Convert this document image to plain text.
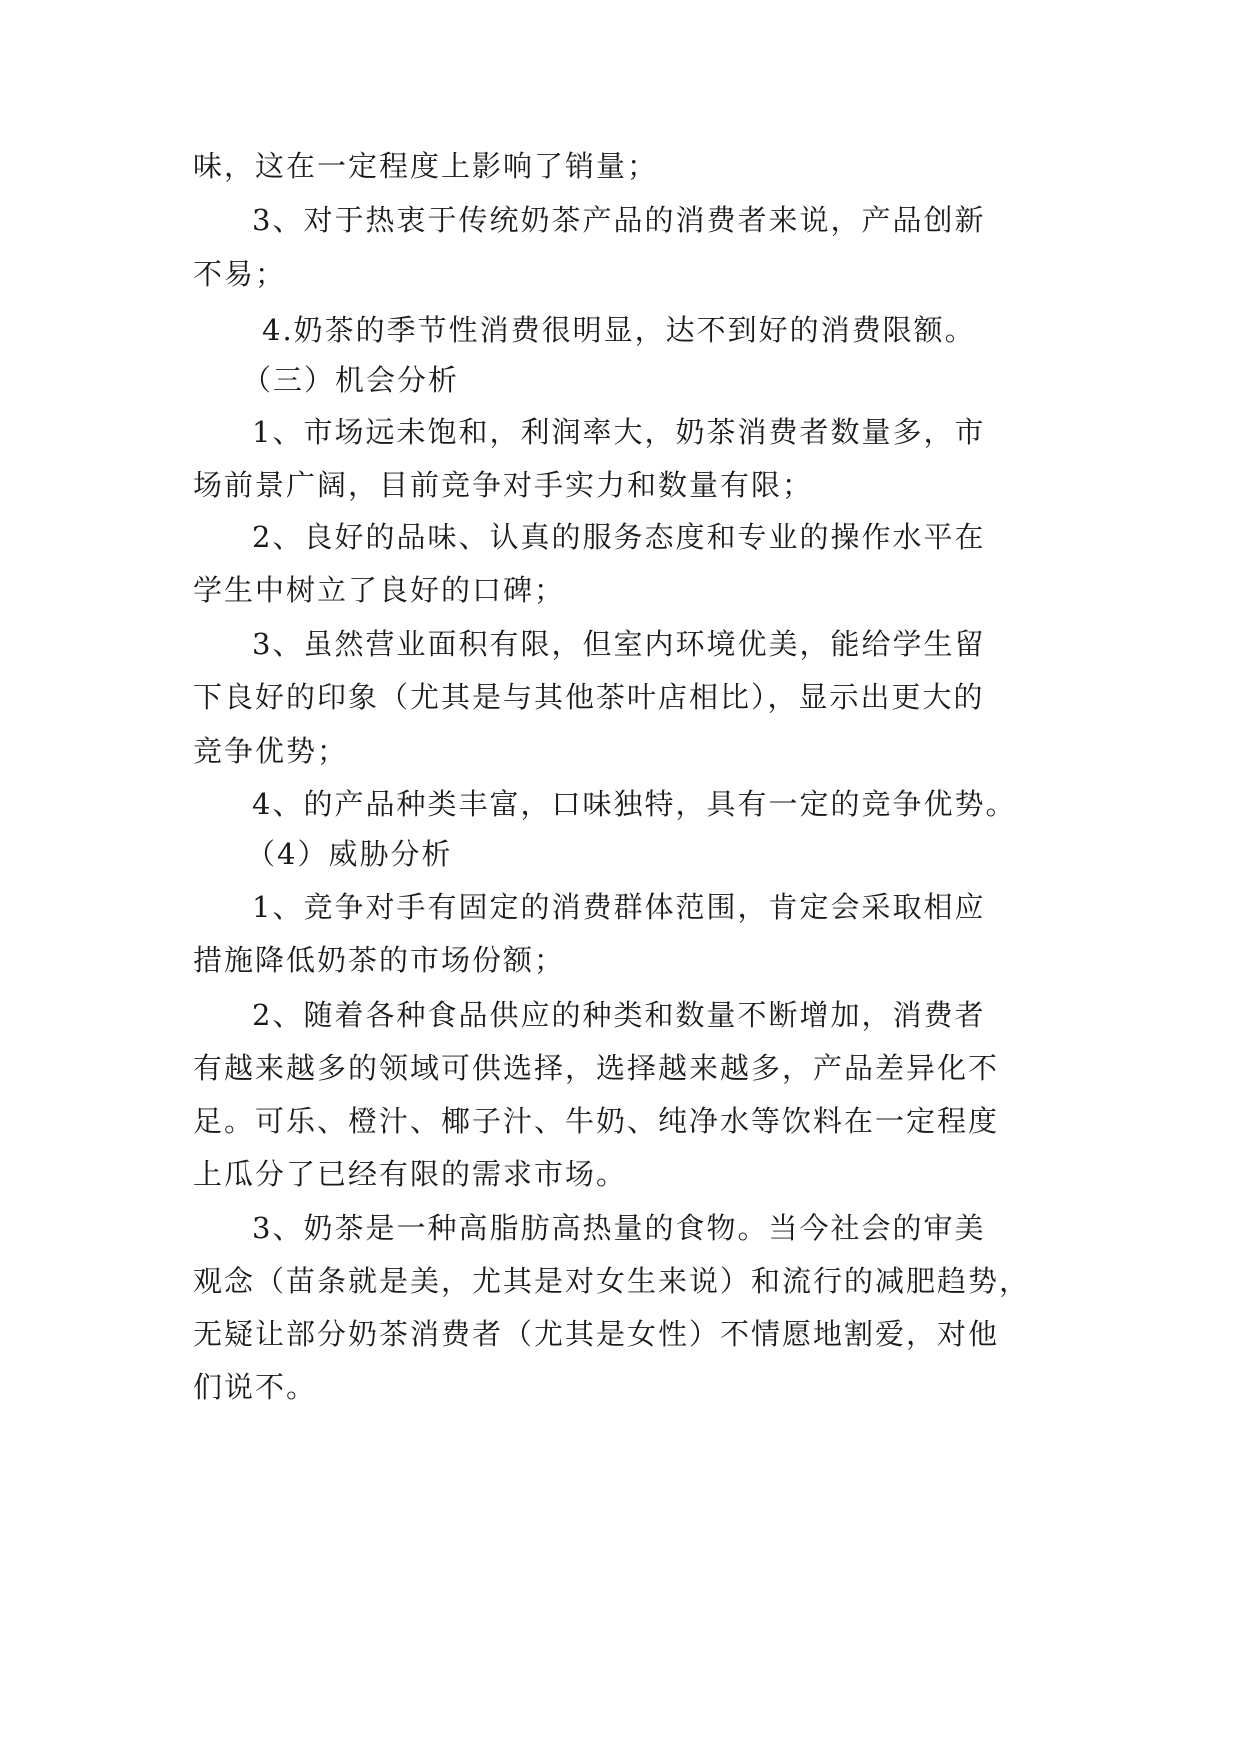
味，这在一定程度上影响了销量；
3、对于热衷于传统奶茶产品的消费者来说，产品创新
不易；
4.奶茶的季节性消费很明显，达不到好的消费限额。
（三）机会分析
1、市场远未饱和，利润率大，奶茶消费者数量多，市
场前景广阔，目前竞争对手实力和数量有限；
2、良好的品味、认真的服务态度和专业的操作水平在
学生中树立了良好的口碑；
3、虽然营业面积有限，但室内环境优美，能给学生留
下良好的印象（尤其是与其他茶叶店相比），显示出更大的
竞争优势；
4、的产品种类丰富，口味独特，具有一定的竞争优势。
（4）威胁分析
1、竞争对手有固定的消费群体范围，肯定会采取相应
措施降低奶茶的市场份额；
2、随着各种食品供应的种类和数量不断增加，消费者
有越来越多的领域可供选择，选择越来越多，产品差异化不
足。可乐、橙汁、椰子汁、牛奶、纯净水等饮料在一定程度
上瓜分了已经有限的需求市场。
3、奶茶是一种高脂肪高热量的食物。当今社会的审美
观念（苗条就是美，尤其是对女生来说）和流行的减肥趋势，
无疑让部分奶茶消费者（尤其是女性）不情愿地割爱，对他
们说不。
